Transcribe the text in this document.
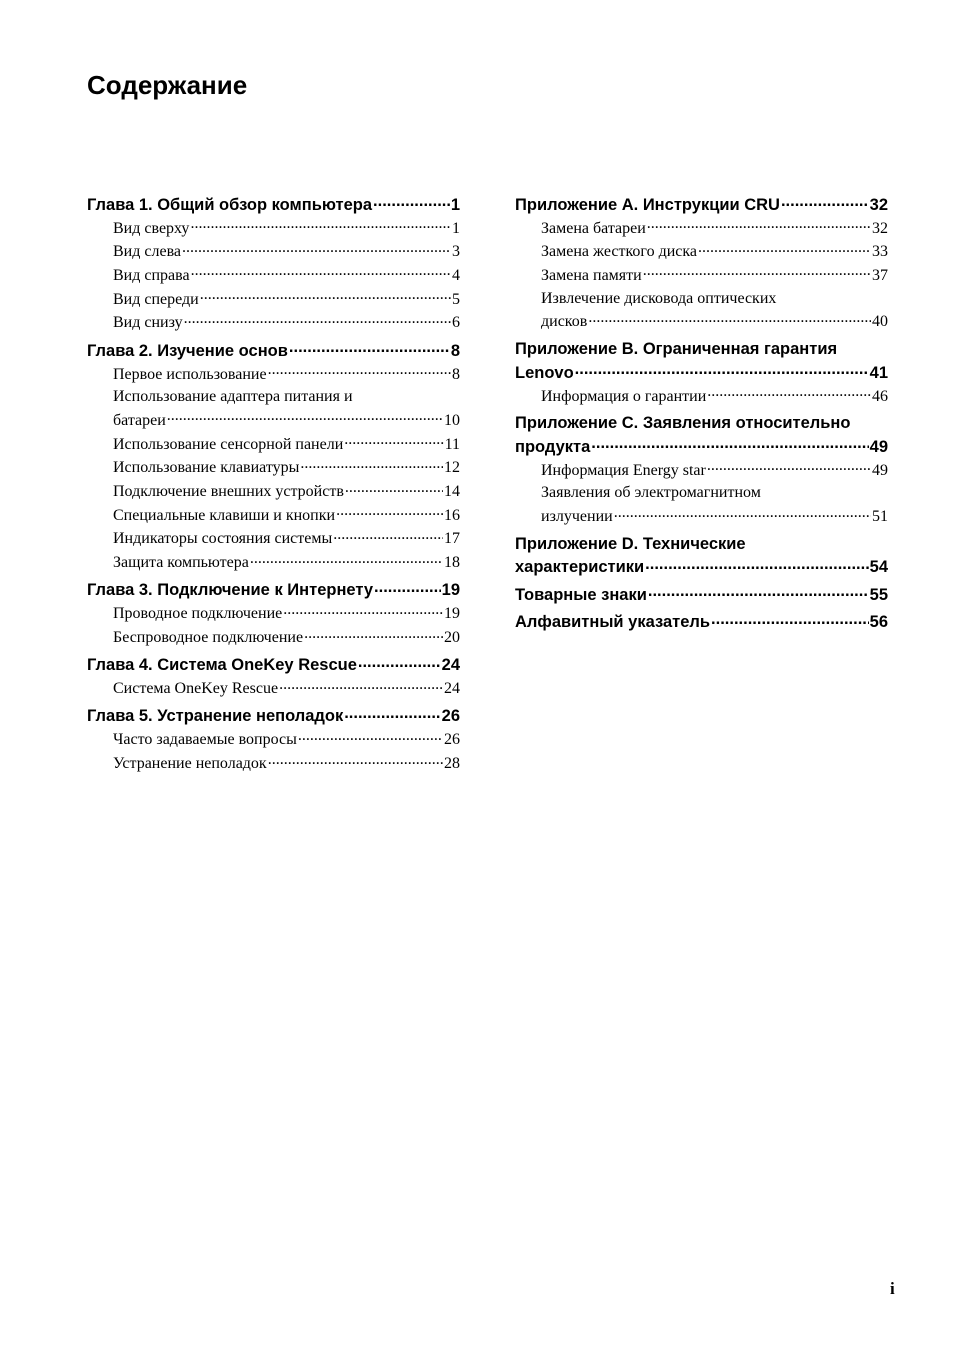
Содержание
Глава 1. Общий обзор компьютера .....	1
Вид сверху .....	1
Вид слева .....	3
Вид справа .....	4
Вид спереди .....	5
Вид снизу .....	6
Глава 2. Изучение основ .....	8
Первое использование .....	8
Использование адаптера питания и
батареи .....	10
Использование сенсорной панели .....	11
Использование клавиатуры .....	12
Подключение внешних устройств .....	14
Специальные клавиши и кнопки .....	16
Индикаторы состояния системы .....	17
Защита компьютера .....	18
Глава 3. Подключение к Интернету .....	19
Проводное подключение .....	19
Беспроводное подключение .....	20
Глава 4. Система OneKey Rescue .....	24
Система OneKey Rescue .....	24
Глава 5. Устранение неполадок .....	26
Часто задаваемые вопросы .....	26
Устранение неполадок .....	28
Приложение A. Инструкции CRU .....	32
Замена батареи .....	32
Замена жесткого диска .....	33
Замена памяти .....	37
Извлечение дисковода оптических
дисков .....	40
Приложение B. Ограниченная гарантия
Lenovo .....	41
Информация о гарантии .....	46
Приложение C. Заявления относительно
продукта .....	49
Информация Energy star .....	49
Заявления об электромагнитном
излучении .....	51
Приложение D. Технические
характеристики .....	54
Товарные знаки .....	55
Алфавитный указатель .....	56
i
